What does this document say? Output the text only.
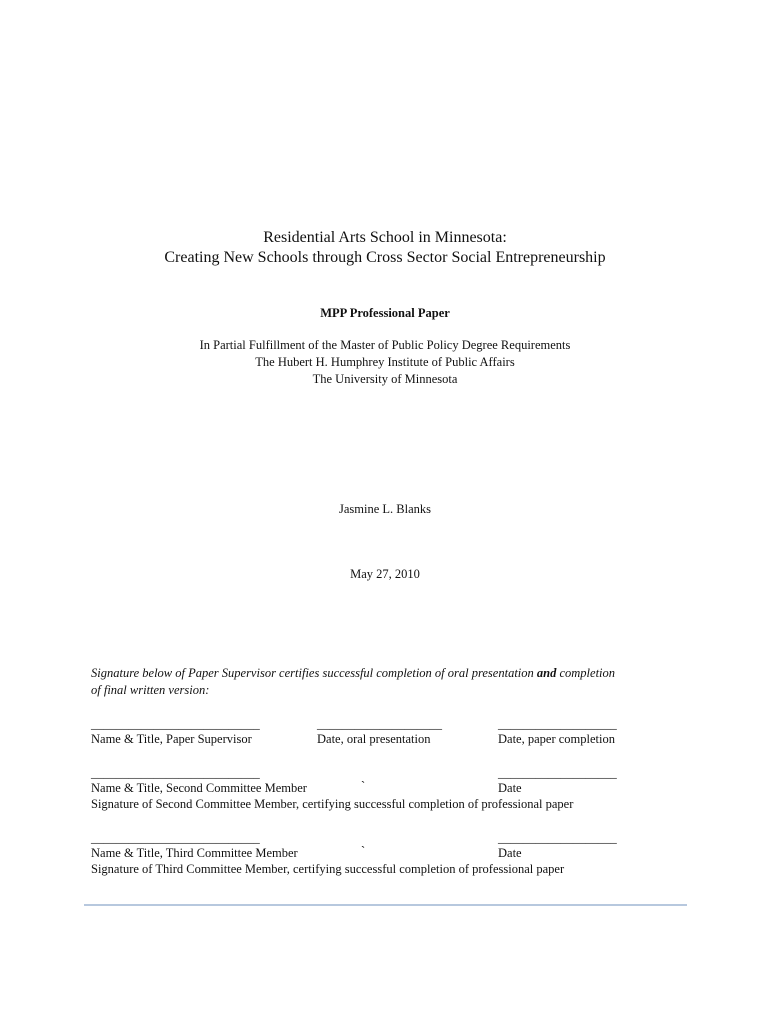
Residential Arts School in Minnesota:
Creating New Schools through Cross Sector Social Entrepreneurship
MPP Professional Paper
In Partial Fulfillment of the Master of Public Policy Degree Requirements
The Hubert H. Humphrey Institute of Public Affairs
The University of Minnesota
Jasmine L. Blanks
May 27, 2010
Signature below of Paper Supervisor certifies successful completion of oral presentation and completion
of final written version:
___________________________	____________________	___________________
Name & Title, Paper Supervisor	Date, oral presentation	Date, paper completion
___________________________	___________________
Name & Title, Second Committee Member	`	Date
Signature of Second Committee Member, certifying successful completion of professional paper
___________________________	___________________
Name & Title, Third Committee Member	`	Date
Signature of Third Committee Member, certifying successful completion of professional paper
